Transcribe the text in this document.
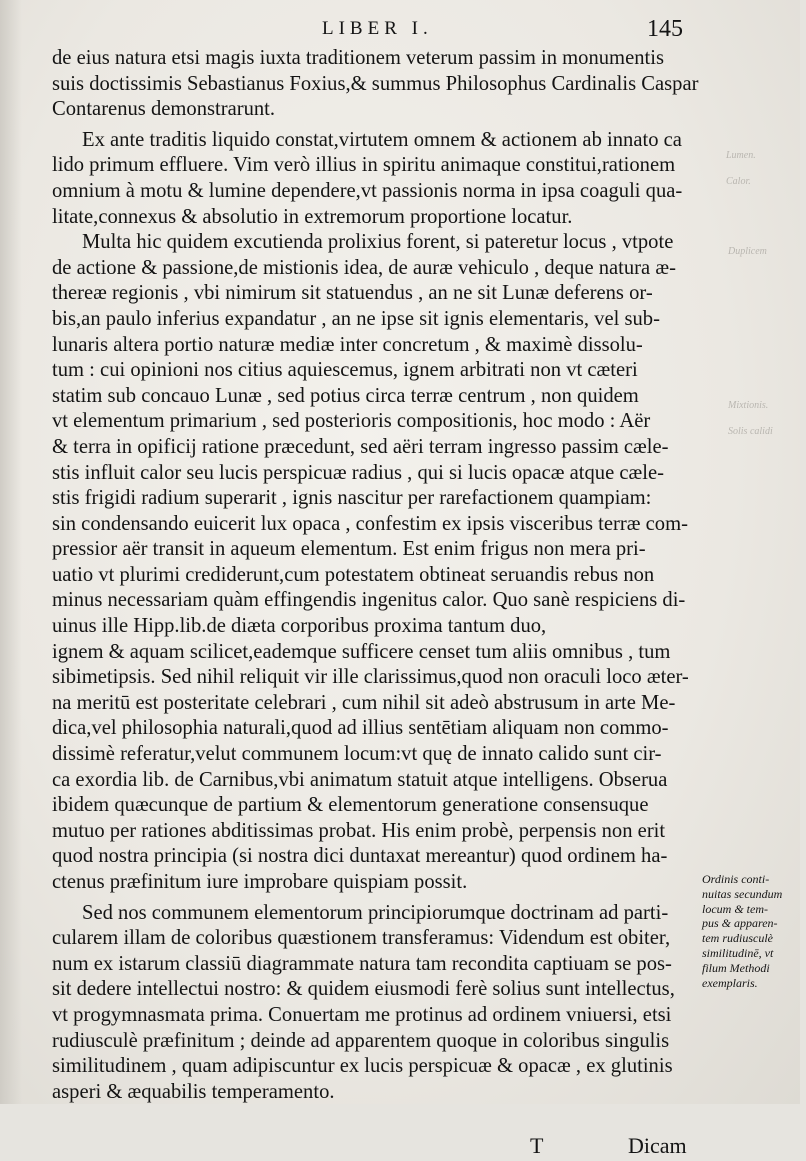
Lumen.
Calor.
Duplicem
Mixtionis.
Solis calidi
LIBER I.	145
de eius natura etsi magis iuxta traditionem veterum passim in monumentis
suis doctissimis Sebastianus Foxius,& summus Philosophus Cardinalis Caspar
Contarenus demonstrarunt.
Ex ante traditis liquido constat,virtutem omnem & actionem ab innato ca
lido primum effluere. Vim verò illius in spiritu animaque constitui,rationem
omnium à motu & lumine dependere,vt passionis norma in ipsa coaguli qua-
litate,connexus & absolutio in extremorum proportione locatur.
Multa hic quidem excutienda prolixius forent, si pateretur locus , vtpote
de actione & passione,de mistionis idea, de auræ vehiculo , deque natura æ-
thereæ regionis , vbi nimirum sit statuendus , an ne sit Lunæ deferens or-
bis,an paulo inferius expandatur , an ne ipse sit ignis elementaris, vel sub-
lunaris altera portio naturæ mediæ inter concretum , & maximè dissolu-
tum : cui opinioni nos citius aquiescemus, ignem arbitrati non vt cæteri
statim sub concauo Lunæ , sed potius circa terræ centrum , non quidem
vt elementum primarium , sed posterioris compositionis, hoc modo : Aër
& terra in opificij ratione præcedunt, sed aëri terram ingresso passim cæle-
stis influit calor seu lucis perspicuæ radius , qui si lucis opacæ atque cæle-
stis frigidi radium superarit , ignis nascitur per rarefactionem quampiam:
sin condensando euicerit lux opaca , confestim ex ipsis visceribus terræ com-
pressior aër transit in aqueum elementum. Est enim frigus non mera pri-
uatio vt plurimi crediderunt,cum potestatem obtineat seruandis rebus non
minus necessariam quàm effingendis ingenitus calor. Quo sanè respiciens di-
uinus ille Hipp.lib.de diæta corporibus proxima tantum duo,
ignem & aquam scilicet,eademque sufficere censet tum aliis omnibus , tum
sibimetipsis. Sed nihil reliquit vir ille clarissimus,quod non oraculi loco æter-
na meritū est posteritate celebrari , cum nihil sit adeò abstrusum in arte Me-
dica,vel philosophia naturali,quod ad illius sentētiam aliquam non commo-
dissimè referatur,velut communem locum:vt quę de innato calido sunt cir-
ca exordia lib. de Carnibus,vbi animatum statuit atque intelligens. Obserua
ibidem quæcunque de partium & elementorum generatione consensuque
mutuo per rationes abditissimas probat. His enim probè, perpensis non erit
quod nostra principia (si nostra dici duntaxat mereantur) quod ordinem ha-
ctenus præfinitum iure improbare quispiam possit.
Sed nos communem elementorum principiorumque doctrinam ad parti-
cularem illam de coloribus quæstionem transferamus: Videndum est obiter,
num ex istarum classiū diagrammate natura tam recondita captiuam se pos-
sit dedere intellectui nostro: & quidem eiusmodi ferè solius sunt intellectus,
vt progymnasmata prima. Conuertam me protinus ad ordinem vniuersi, etsi
rudiusculè præfinitum ; deinde ad apparentem quoque in coloribus singulis
similitudinem , quam adipiscuntur ex lucis perspicuæ & opacæ , ex glutinis
asperi & æquabilis temperamento.
T	Dicam
Ordinis conti-
nuitas secundum
locum & tem-
pus & apparen-
tem rudiusculè
similitudinē, vt
filum Methodi
exemplaris.
